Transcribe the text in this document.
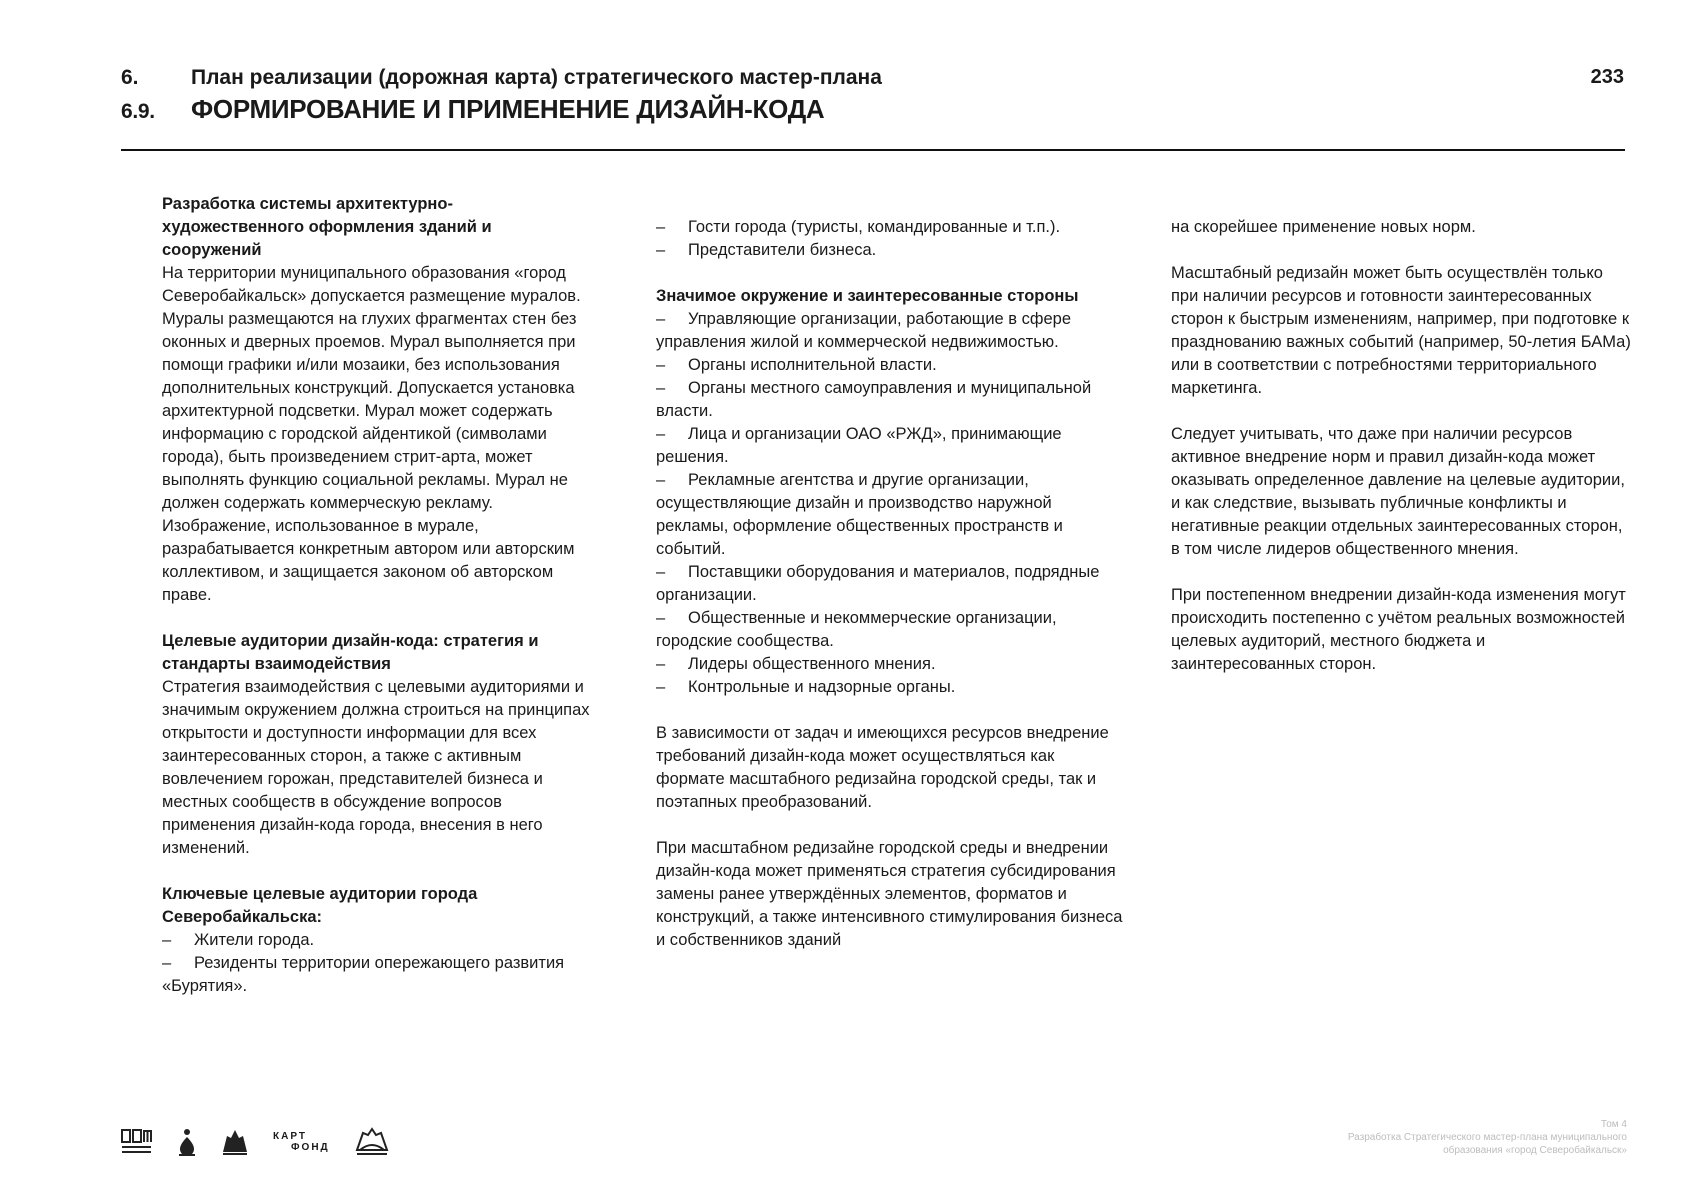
6. План реализации (дорожная карта) стратегического мастер-плана
6.9. ФОРМИРОВАНИЕ И ПРИМЕНЕНИЕ ДИЗАЙН-КОДА
233
Разработка системы архитектурно-художественного оформления зданий и сооружений

На территории муниципального образования «город Северобайкальск» допускается размещение муралов. Муралы размещаются на глухих фрагментах стен без оконных и дверных проемов. Мурал выполняется при помощи графики и/или мозаики, без использования дополнительных конструкций. Допускается установка архитектурной подсветки. Мурал может содержать информацию с городской айдентикой (символами города), быть произведением стрит-арта, может выполнять функцию социальной рекламы. Мурал не должен содержать коммерческую рекламу. Изображение, использованное в мурале, разрабатывается конкретным автором или авторским коллективом, и защищается законом об авторском праве.

Целевые аудитории дизайн-кода: стратегия и стандарты взаимодействия

Стратегия взаимодействия с целевыми аудиториями и значимым окружением должна строиться на принципах открытости и доступности информации для всех заинтересованных сторон, а также с активным вовлечением горожан, представителей бизнеса и местных сообществ в обсуждение вопросов применения дизайн-кода города, внесения в него изменений.

Ключевые целевые аудитории города Северобайкальска:
– Жители города.
– Резиденты территории опережающего развития «Бурятия».

– Гости города (туристы, командированные и т.п.).
– Представители бизнеса.

Значимое окружение и заинтересованные стороны

– Управляющие организации, работающие в сфере управления жилой и коммерческой недвижимостью.
– Органы исполнительной власти.
– Органы местного самоуправления и муниципальной власти.
– Лица и организации ОАО «РЖД», принимающие решения.
– Рекламные агентства и другие организации, осуществляющие дизайн и производство наружной рекламы, оформление общественных пространств и событий.
– Поставщики оборудования и материалов, подрядные организации.
– Общественные и некоммерческие организации, городские сообщества.
– Лидеры общественного мнения.
– Контрольные и надзорные органы.

В зависимости от задач и имеющихся ресурсов внедрение требований дизайн-кода может осуществляться как формате масштабного редизайна городской среды, так и поэтапных преобразований.

При масштабном редизайне городской среды и внедрении дизайн-кода может применяться стратегия субсидирования замены ранее утверждённых элементов, форматов и конструкций, а также интенсивного стимулирования бизнеса и собственников зданий

на скорейшее применение новых норм.

Масштабный редизайн может быть осуществлён только при наличии ресурсов и готовности заинтересованных сторон к быстрым изменениям, например, при подготовке к празднованию важных событий (например, 50-летия БАМа) или в соответствии с потребностями территориального маркетинга.

Следует учитывать, что даже при наличии ресурсов активное внедрение норм и правил дизайн-кода может оказывать определенное давление на целевые аудитории, и как следствие, вызывать публичные конфликты и негативные реакции отдельных заинтересованных сторон, в том числе лидеров общественного мнения.

При постепенном внедрении дизайн-кода изменения могут происходить постепенно с учётом реальных возможностей целевых аудиторий, местного бюджета и заинтересованных сторон.

КАРТ
ФОНД
Том 4
Разработка Стратегического мастер-плана муниципального
образования «город Северобайкальск»
